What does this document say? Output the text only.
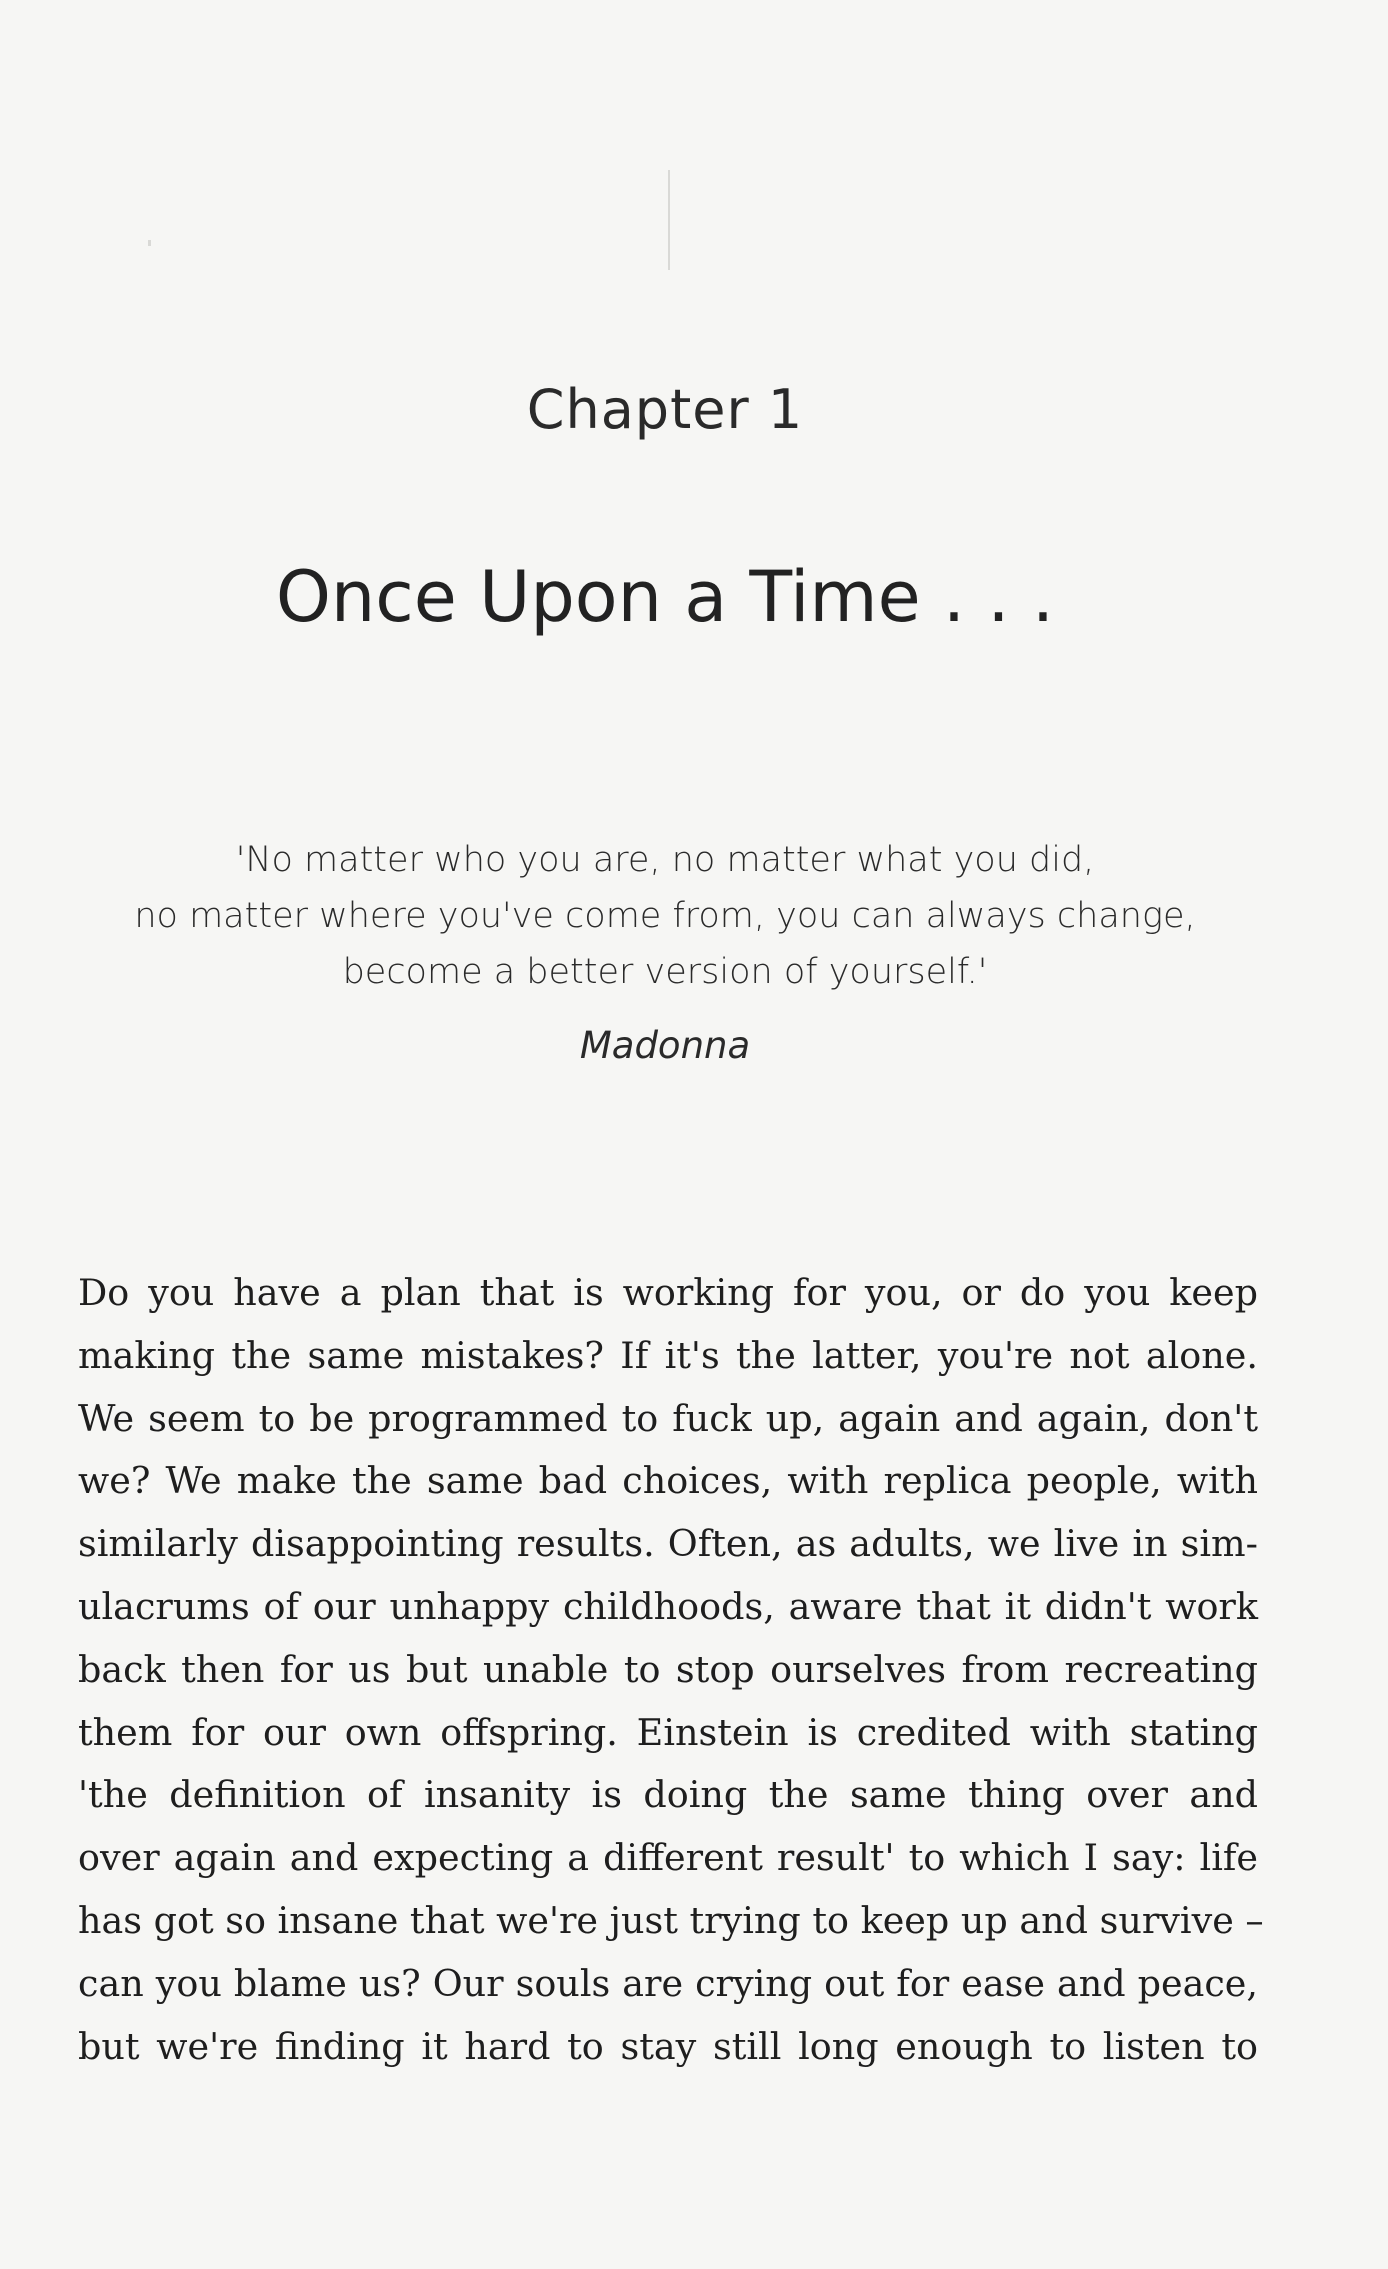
Chapter 1
Once Upon a Time . . .
'No matter who you are, no matter what you did,
no matter where you've come from, you can always change,
become a better version of yourself.'
Madonna
Do you have a plan that is working for you, or do you keep
making the same mistakes? If it's the latter, you're not alone.
We seem to be programmed to fuck up, again and again, don't
we? We make the same bad choices, with replica people, with
similarly disappointing results. Often, as adults, we live in sim-
ulacrums of our unhappy childhoods, aware that it didn't work
back then for us but unable to stop ourselves from recreating
them for our own offspring. Einstein is credited with stating
'the definition of insanity is doing the same thing over and
over again and expecting a different result' to which I say: life
has got so insane that we're just trying to keep up and survive –
can you blame us? Our souls are crying out for ease and peace,
but we're finding it hard to stay still long enough to listen to
